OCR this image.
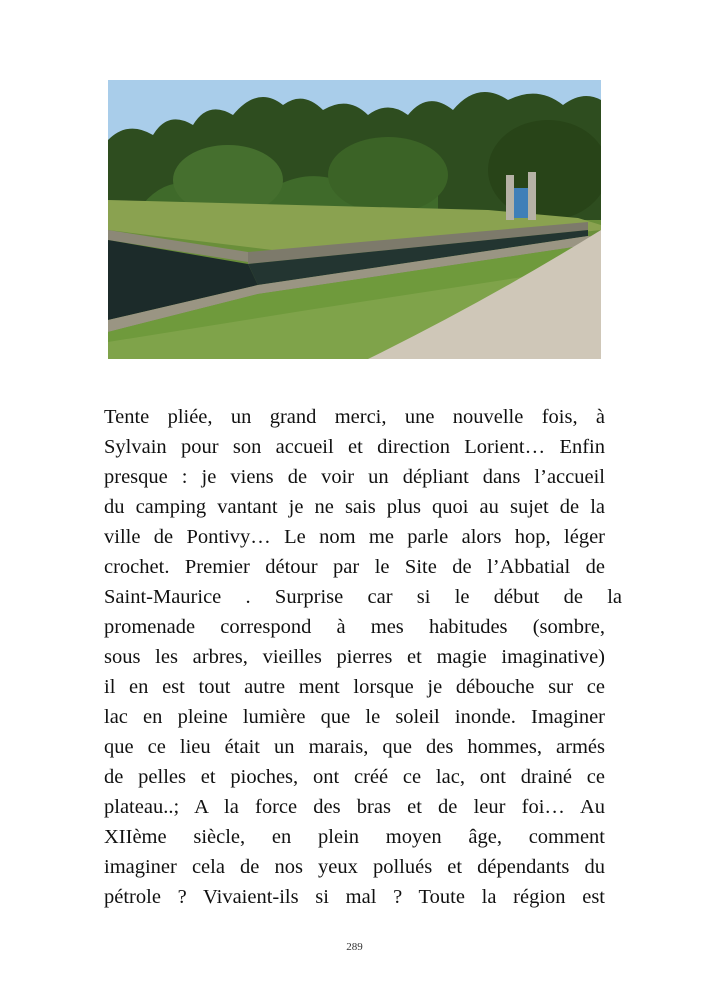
Tente pliée, un grand merci, une nouvelle fois, à
Sylvain pour son accueil et direction Lorient… Enfin
presque : je viens de voir un dépliant dans l’accueil
du camping vantant je ne sais plus quoi au sujet de la
ville de Pontivy… Le nom me parle alors hop, léger
crochet. Premier détour par le Site de l’Abbatial de
Saint-Maurice . Surprise car si le début de la
promenade correspond à mes habitudes (sombre,
sous les arbres, vieilles pierres et magie imaginative)
il en est tout autre ment lorsque je débouche sur ce
lac en pleine lumière que le soleil inonde. Imaginer
que ce lieu était un marais, que des hommes, armés
de pelles et pioches, ont créé ce lac, ont drainé ce
plateau..; A la force des bras et de leur foi… Au
XIIème siècle, en plein moyen âge, comment
imaginer cela de nos yeux pollués et dépendants du
pétrole ? Vivaient-ils si mal ? Toute la région est
289
